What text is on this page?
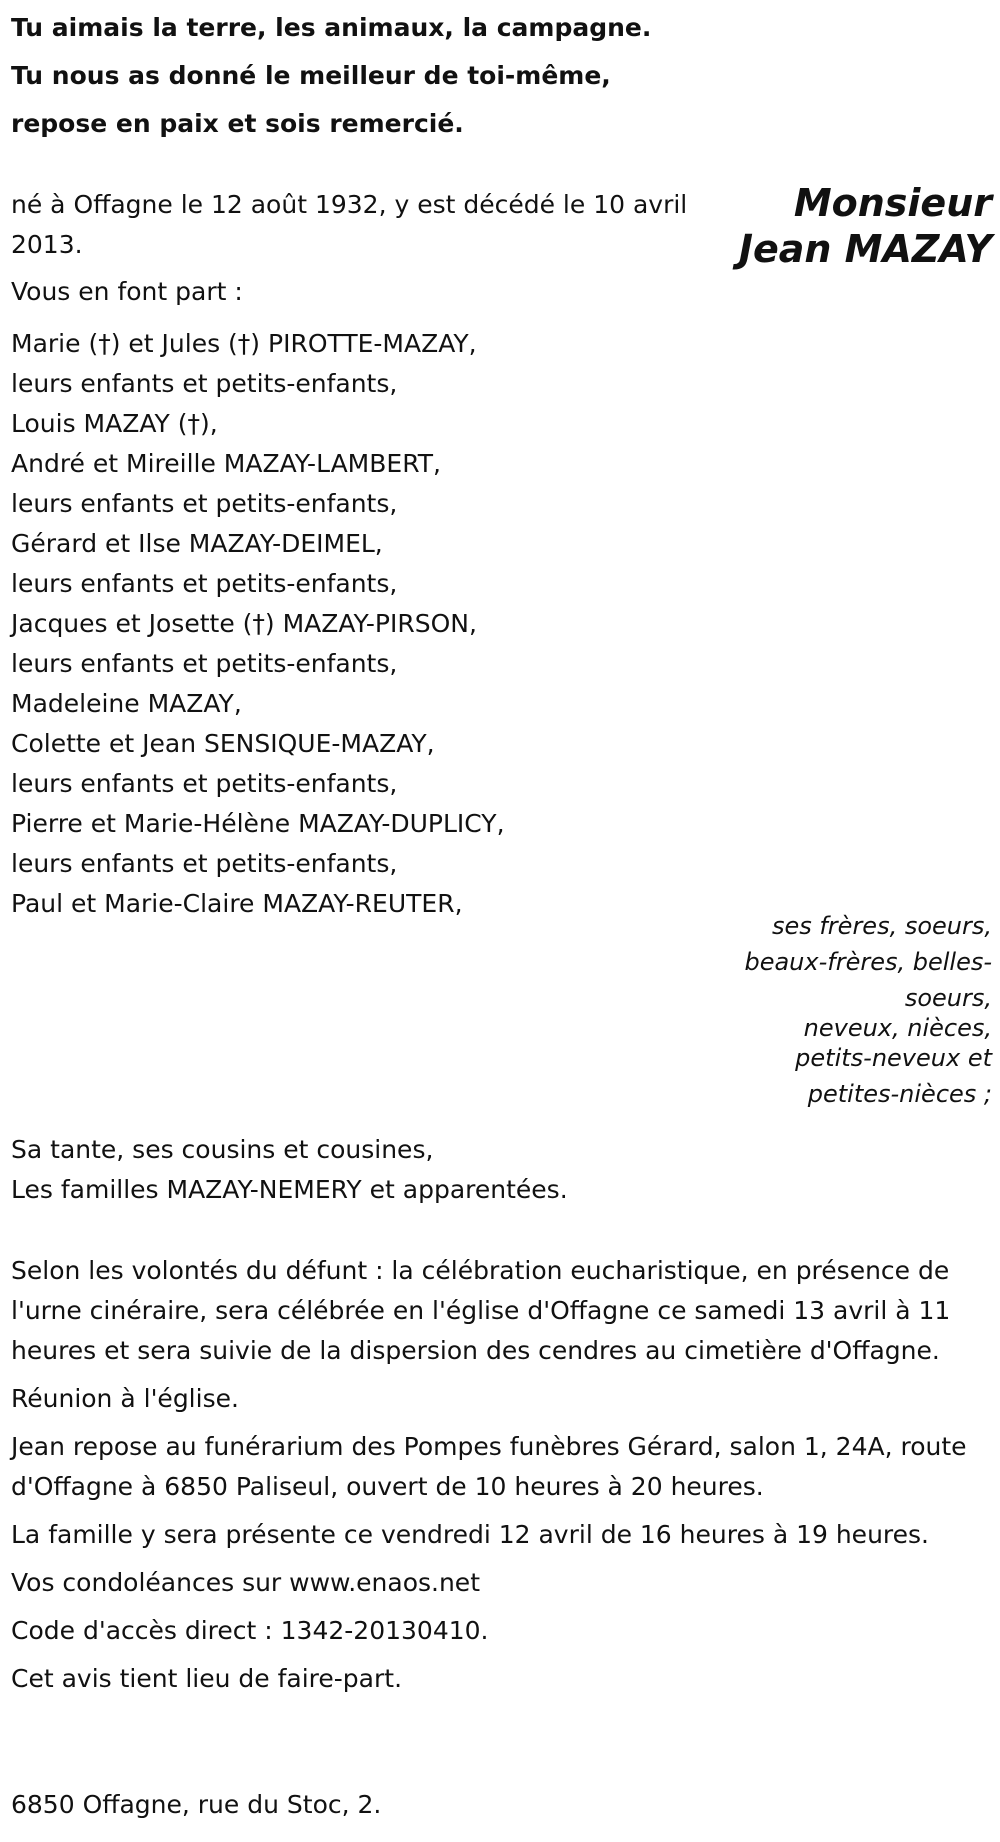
Tu aimais la terre, les animaux, la campagne.
Tu nous as donné le meilleur de toi-même,
repose en paix et sois remercié.
Monsieur
Jean MAZAY

né à Offagne le 12 août 1932, y est décédé le 10 avril 2013.

Vous en font part :
Marie (†) et Jules (†) PIROTTE-MAZAY,
leurs enfants et petits-enfants,
Louis MAZAY (†),
André et Mireille MAZAY-LAMBERT,
leurs enfants et petits-enfants,
Gérard et Ilse MAZAY-DEIMEL,
leurs enfants et petits-enfants,
Jacques et Josette (†) MAZAY-PIRSON,
leurs enfants et petits-enfants,
Madeleine MAZAY,
Colette et Jean SENSIQUE-MAZAY,
leurs enfants et petits-enfants,
Pierre et Marie-Hélène MAZAY-DUPLICY,
leurs enfants et petits-enfants,
Paul et Marie-Claire MAZAY-REUTER,
ses frères, soeurs,
beaux-frères, belles-soeurs,
neveux, nièces,
petits-neveux et
petites-nièces ;
Sa tante, ses cousins et cousines,
Les familles MAZAY-NEMERY et apparentées.

Selon les volontés du défunt : la célébration eucharistique, en présence de l'urne cinéraire, sera célébrée en l'église d'Offagne ce samedi 13 avril à 11 heures et sera suivie de la dispersion des cendres au cimetière d'Offagne.

Réunion à l'église.

Jean repose au funérarium des Pompes funèbres Gérard, salon 1, 24A, route d'Offagne à 6850 Paliseul, ouvert de 10 heures à 20 heures.

La famille y sera présente ce vendredi 12 avril de 16 heures à 19 heures.

Vos condoléances sur www.enaos.net

Code d'accès direct : 1342-20130410.

Cet avis tient lieu de faire-part.

6850 Offagne, rue du Stoc, 2.
